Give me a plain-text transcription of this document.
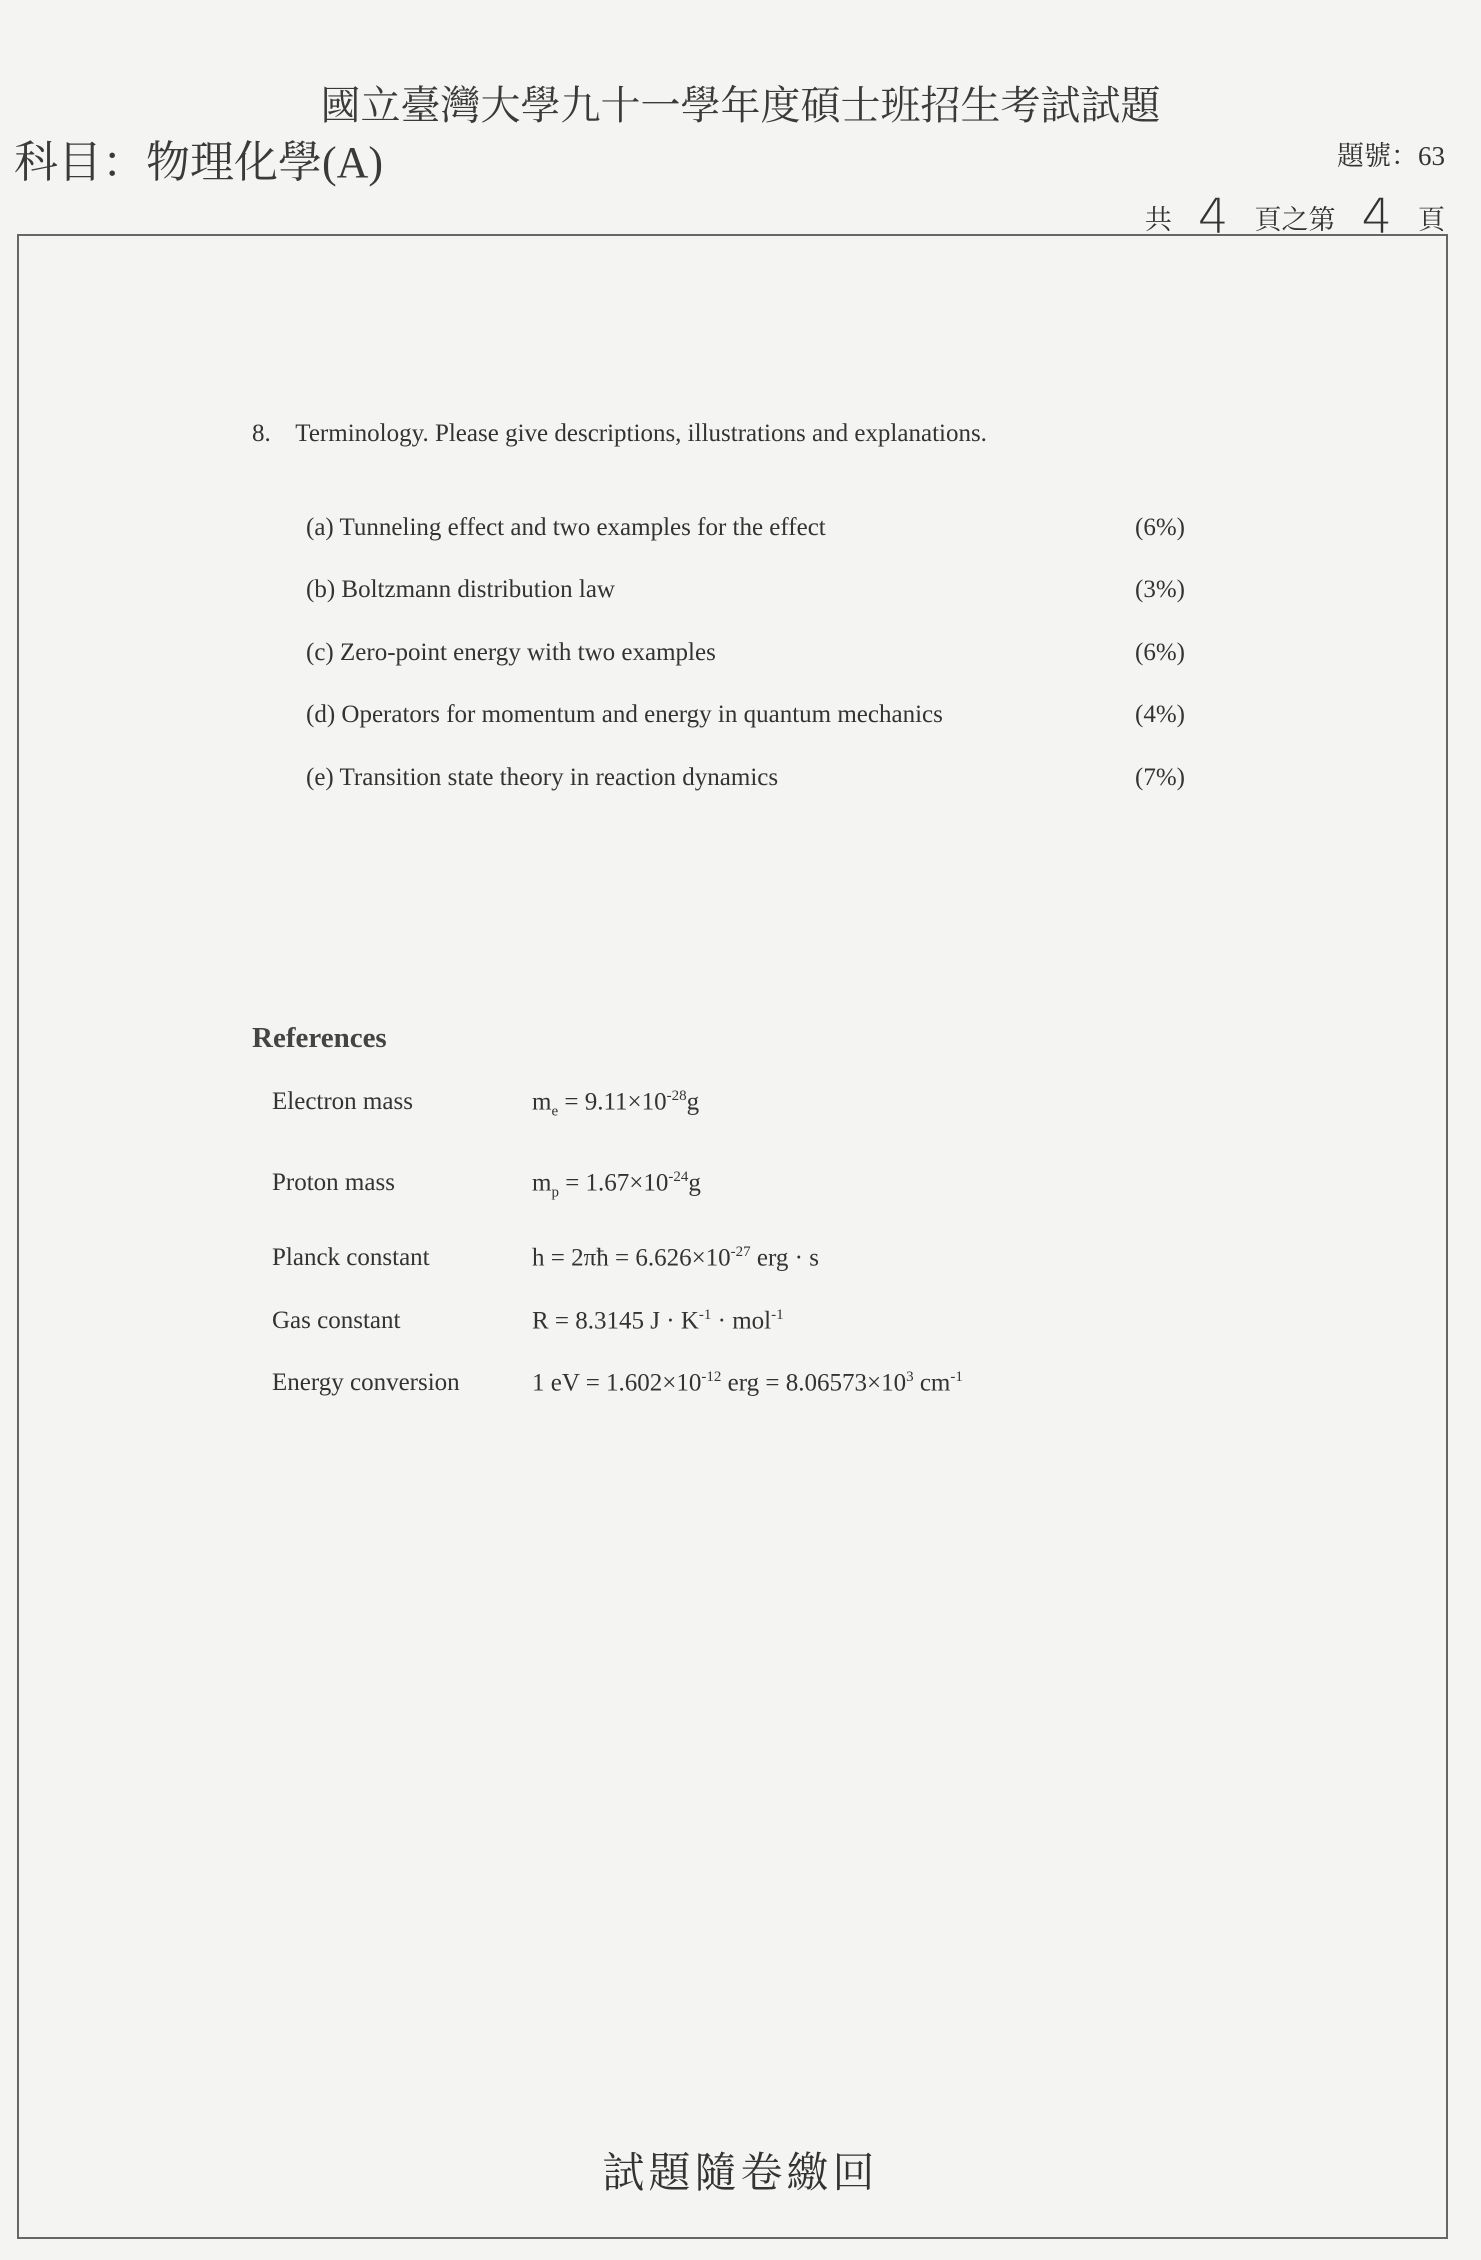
國立臺灣大學九十一學年度碩士班招生考試試題
科目：物理化學(A)	題號：63
共 4 頁之第 4 頁
8.    Terminology. Please give descriptions, illustrations and explanations.
(a) Tunneling effect and two examples for the effect	(6%)
(b) Boltzmann distribution law	(3%)
(c) Zero-point energy with two examples	(6%)
(d) Operators for momentum and energy in quantum mechanics	(4%)
(e) Transition state theory in reaction dynamics	(7%)
References
Electron mass	$m_e = 9.11\times 10^{-28}g$
Proton mass	$m_p = 1.67\times 10^{-24}g$
Planck constant	h = 2πħ = $6.626\times 10^{-27}$ erg · s
Gas constant	R = 8.3145 $J \cdot K^{-1} \cdot mol^{-1}$
Energy conversion	1 eV = $1.602\times 10^{-12}$ erg = $8.06573\times 10^3$ $cm^{-1}$
試題隨卷繳回
